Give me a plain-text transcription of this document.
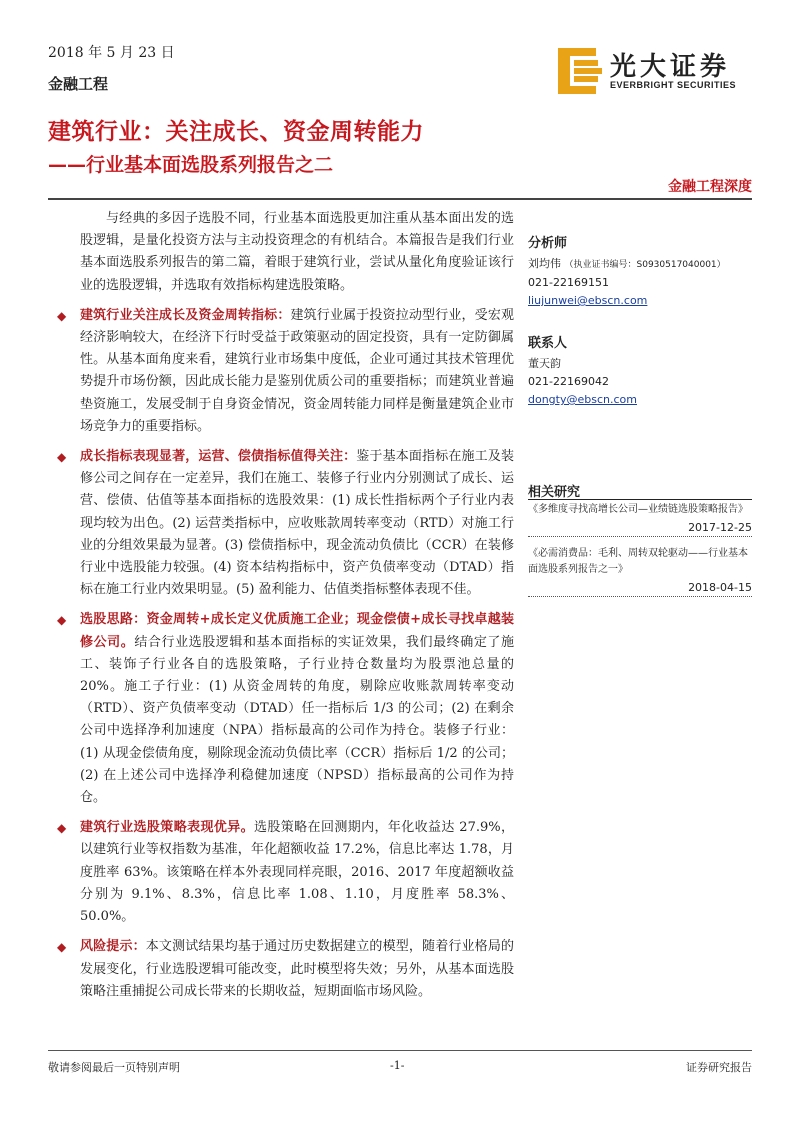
2018 年 5 月 23 日
金融工程
建筑行业：关注成长、资金周转能力
——行业基本面选股系列报告之二
金融工程深度
光大证券
EVERBRIGHT SECURITIES

与经典的多因子选股不同，行业基本面选股更加注重从基本面出发的选股逻辑，是量化投资方法与主动投资理念的有机结合。本篇报告是我们行业基本面选股系列报告的第二篇，着眼于建筑行业，尝试从量化角度验证该行业的选股逻辑，并选取有效指标构建选股策略。

◆ 建筑行业关注成长及资金周转指标：建筑行业属于投资拉动型行业，受宏观经济影响较大，在经济下行时受益于政策驱动的固定投资，具有一定防御属性。从基本面角度来看，建筑行业市场集中度低，企业可通过其技术管理优势提升市场份额，因此成长能力是鉴别优质公司的重要指标；而建筑业普遍垫资施工，发展受制于自身资金情况，资金周转能力同样是衡量建筑企业市场竞争力的重要指标。

◆ 成长指标表现显著，运营、偿债指标值得关注：鉴于基本面指标在施工及装修公司之间存在一定差异，我们在施工、装修子行业内分别测试了成长、运营、偿债、估值等基本面指标的选股效果：(1) 成长性指标两个子行业内表现均较为出色。(2) 运营类指标中，应收账款周转率变动（RTD）对施工行业的分组效果最为显著。(3) 偿债指标中，现金流动负债比（CCR）在装修行业中选股能力较强。(4) 资本结构指标中，资产负债率变动（DTAD）指标在施工行业内效果明显。(5) 盈利能力、估值类指标整体表现不佳。

◆ 选股思路：资金周转+成长定义优质施工企业；现金偿债+成长寻找卓越装修公司。结合行业选股逻辑和基本面指标的实证效果，我们最终确定了施工、装饰子行业各自的选股策略，子行业持仓数量均为股票池总量的 20%。施工子行业：(1) 从资金周转的角度，剔除应收账款周转率变动（RTD）、资产负债率变动（DTAD）任一指标后 1/3 的公司；(2) 在剩余公司中选择净利加速度（NPA）指标最高的公司作为持仓。装修子行业：(1) 从现金偿债角度，剔除现金流动负债比率（CCR）指标后 1/2 的公司；(2) 在上述公司中选择净利稳健加速度（NPSD）指标最高的公司作为持仓。

◆ 建筑行业选股策略表现优异。选股策略在回测期内，年化收益达 27.9%，以建筑行业等权指数为基准，年化超额收益 17.2%，信息比率达 1.78，月度胜率 63%。该策略在样本外表现同样亮眼，2016、2017 年度超额收益分别为 9.1%、8.3%，信息比率 1.08、1.10，月度胜率 58.3%、50.0%。

◆ 风险提示：本文测试结果均基于通过历史数据建立的模型，随着行业格局的发展变化，行业选股逻辑可能改变，此时模型将失效；另外，从基本面选股策略注重捕捉公司成长带来的长期收益，短期面临市场风险。

分析师
刘均伟 （执业证书编号：S0930517040001）
021-22169151
liujunwei@ebscn.com
联系人
董天韵
021-22169042
dongty@ebscn.com
相关研究
《多维度寻找高增长公司—业绩链选股策略报告》
2017-12-25
《必需消费品：毛利、周转双轮驱动——行业基本面选股系列报告之一》
2018-04-15
敬请参阅最后一页特别声明	-1-	证券研究报告
